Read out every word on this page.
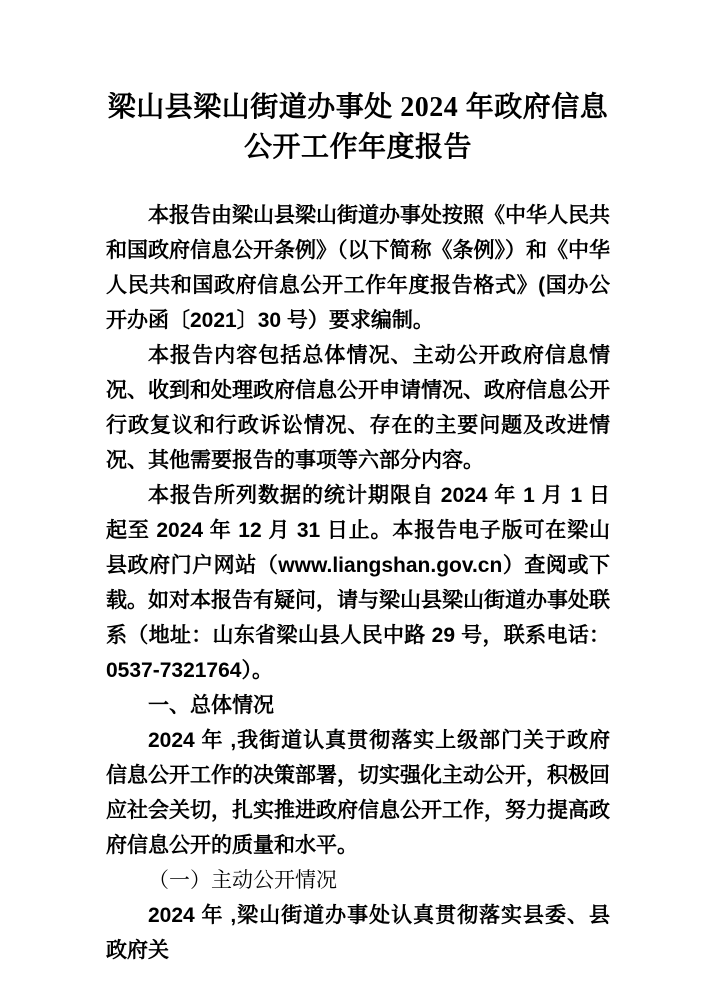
梁山县梁山街道办事处 2024 年政府信息
公开工作年度报告

本报告由梁山县梁山街道办事处按照《中华人民共和国政府信息公开条例》（以下简称《条例》）和《中华人民共和国政府信息公开工作年度报告格式》(国办公开办函〔2021〕30 号）要求编制。

本报告内容包括总体情况、主动公开政府信息情况、收到和处理政府信息公开申请情况、政府信息公开行政复议和行政诉讼情况、存在的主要问题及改进情况、其他需要报告的事项等六部分内容。

本报告所列数据的统计期限自 2024 年 1 月 1 日起至 2024 年 12 月 31 日止。本报告电子版可在梁山县政府门户网站（www.liangshan.gov.cn）查阅或下载。如对本报告有疑问，请与梁山县梁山街道办事处联系（地址：山东省梁山县人民中路 29 号，联系电话：0537-7321764）。

一、总体情况

2024 年 ,我街道认真贯彻落实上级部门关于政府信息公开工作的决策部署，切实强化主动公开，积极回应社会关切，扎实推进政府信息公开工作，努力提高政府信息公开的质量和水平。

（一）主动公开情况

2024 年 ,梁山街道办事处认真贯彻落实县委、县政府关
